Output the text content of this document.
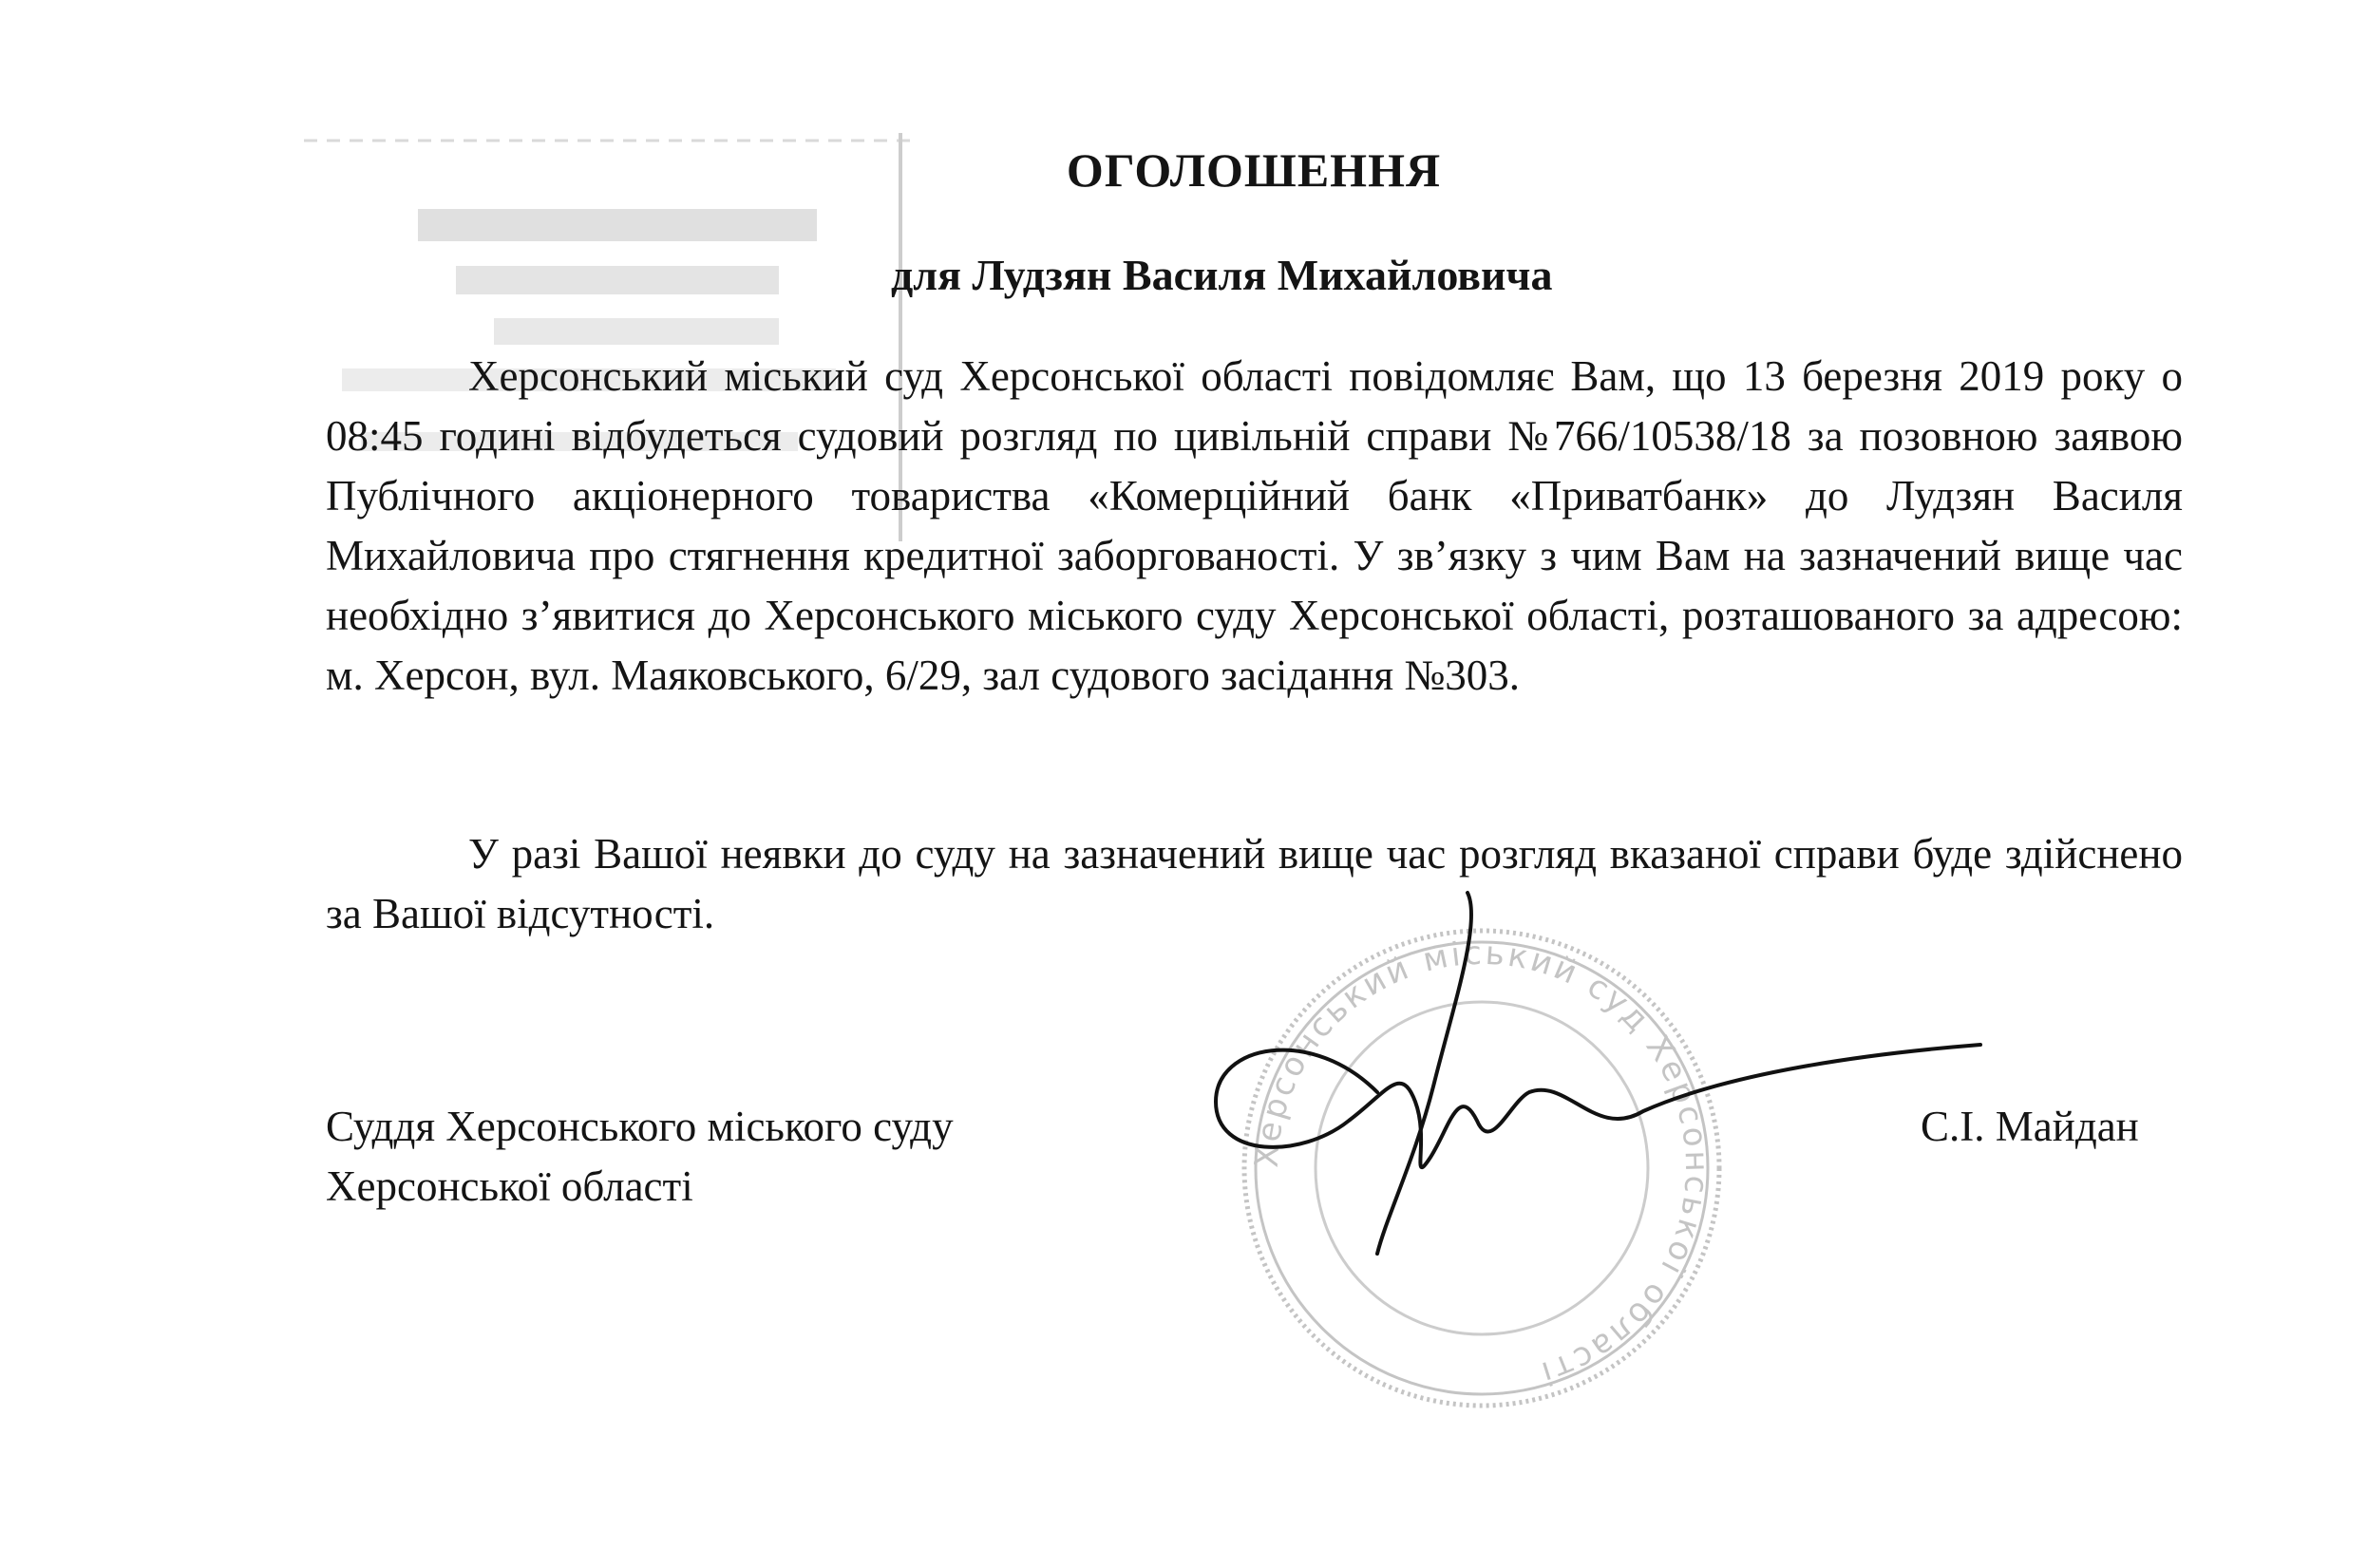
ОГОЛОШЕННЯ
для Лудзян Василя Михайловича

Херсонський міський суд Херсонської області повідомляє Вам, що 13 березня 2019 року о 08:45 годині відбудеться судовий розгляд по цивільній справи №766/10538/18 за позовною заявою Публічного акціонерного товариства «Комерційний банк «Приватбанк» до Лудзян Василя Михайловича про стягнення кредитної заборгованості. У зв’язку з чим Вам на зазначений вище час необхідно з’явитися до Херсонського міського суду Херсонської області, розташованого за адресою: м. Херсон, вул. Маяковського, 6/29, зал судового засідання №303.

У разі Вашої неявки до суду на зазначений вище час розгляд вказаної справи буде здійснено за Вашої відсутності.

Суддя Херсонського міського суду
Херсонської області
С.І. Майдан
Херсонський міський суд Херсонської області
